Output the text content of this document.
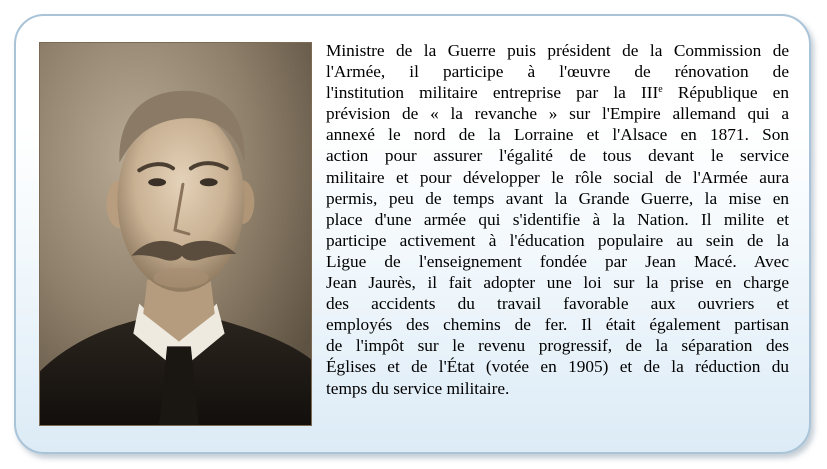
Ministre de la Guerre puis président de la Commission de
l'Armée, il participe à l'œuvre de rénovation de
l'institution militaire entreprise par la IIIe République en
prévision de « la revanche » sur l'Empire allemand qui a
annexé le nord de la Lorraine et l'Alsace en 1871. Son
action pour assurer l'égalité de tous devant le service
militaire et pour développer le rôle social de l'Armée aura
permis, peu de temps avant la Grande Guerre, la mise en
place d'une armée qui s'identifie à la Nation. Il milite et
participe activement à l'éducation populaire au sein de la
Ligue de l'enseignement fondée par Jean Macé. Avec
Jean Jaurès, il fait adopter une loi sur la prise en charge
des accidents du travail favorable aux ouvriers et
employés des chemins de fer. Il était également partisan
de l'impôt sur le revenu progressif, de la séparation des
Églises et de l'État (votée en 1905) et de la réduction du
temps du service militaire.
